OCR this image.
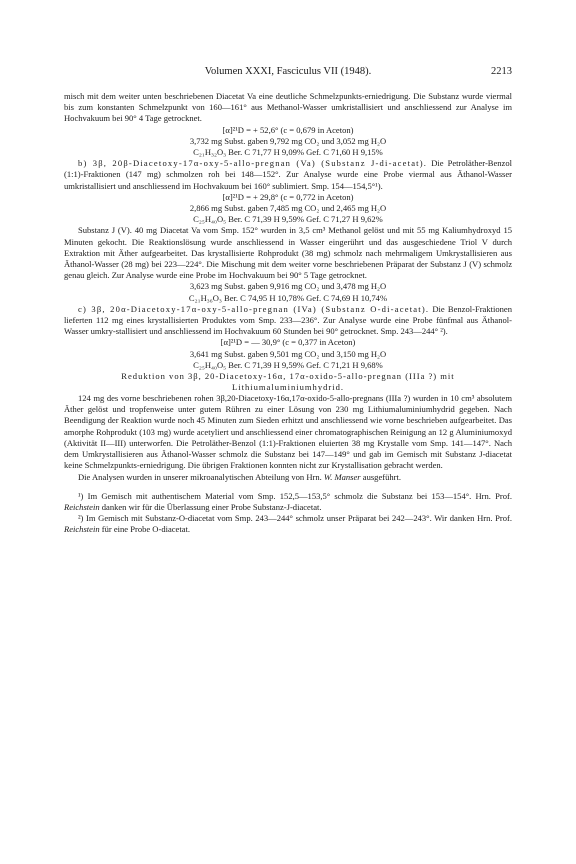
Volumen XXXI, Fasciculus VII (1948).	2213

misch mit dem weiter unten beschriebenen Diacetat Va eine deutliche Schmelzpunkts-erniedrigung. Die Substanz wurde viermal bis zum konstanten Schmelzpunkt von 160—161° aus Methanol-Wasser umkristallisiert und anschliessend zur Analyse im Hochvakuum bei 90° 4 Tage getrocknet.

[α]²¹D = + 52,6° (c = 0,679 in Aceton)

3,732 mg Subst. gaben 9,792 mg CO₂ und 3,052 mg H₂O

C₂₁H₃₂O₃ Ber. C 71,77 H 9,09% Gef. C 71,60 H 9,15%

b) 3β, 20β-Diacetoxy-17α-oxy-5-allo-pregnan (Va) (Substanz J-di-acetat). Die Petroläther-Benzol (1:1)-Fraktionen (147 mg) schmolzen roh bei 148—152°. Zur Analyse wurde eine Probe viermal aus Äthanol-Wasser umkristallisiert und anschliessend im Hochvakuum bei 160° sublimiert. Smp. 154—154,5°¹).

[α]²¹D = + 29,8° (c = 0,772 in Aceton)

2,866 mg Subst. gaben 7,485 mg CO₂ und 2,465 mg H₂O

C₂₅H₄₀O₅ Ber. C 71,39 H 9,59% Gef. C 71,27 H 9,62%

Substanz J (V). 40 mg Diacetat Va vom Smp. 152° wurden in 3,5 cm³ Methanol gelöst und mit 55 mg Kaliumhydroxyd 15 Minuten gekocht. Die Reaktionslösung wurde anschliessend in Wasser eingerührt und das ausgeschiedene Triol V durch Extraktion mit Äther aufgearbeitet. Das krystallisierte Rohprodukt (38 mg) schmolz nach mehrmaligem Umkrystallisieren aus Äthanol-Wasser (28 mg) bei 223—224°. Die Mischung mit dem weiter vorne beschriebenen Präparat der Substanz J (V) schmolz genau gleich. Zur Analyse wurde eine Probe im Hochvakuum bei 90° 5 Tage getrocknet.

3,623 mg Subst. gaben 9,916 mg CO₂ und 3,478 mg H₂O

C₂₁H₃₆O₃ Ber. C 74,95 H 10,78% Gef. C 74,69 H 10,74%

c) 3β, 20α-Diacetoxy-17α-oxy-5-allo-pregnan (IVa) (Substanz O-di-acetat). Die Benzol-Fraktionen lieferten 112 mg eines krystallisierten Produktes vom Smp. 233—236°. Zur Analyse wurde eine Probe fünfmal aus Äthanol-Wasser umkry-stallisiert und anschliessend im Hochvakuum 60 Stunden bei 90° getrocknet. Smp. 243—244° ²).

[α]²¹D = — 30,9° (c = 0,377 in Aceton)

3,641 mg Subst. gaben 9,501 mg CO₂ und 3,150 mg H₂O

C₂₅H₄₀O₅ Ber. C 71,39 H 9,59% Gef. C 71,21 H 9,68%

Reduktion von 3β, 20-Diacetoxy-16α, 17α-oxido-5-allo-pregnan (IIIa ?) mit Lithiumaluminiumhydrid.

124 mg des vorne beschriebenen rohen 3β,20-Diacetoxy-16α,17α-oxido-5-allo-pregnans (IIIa ?) wurden in 10 cm³ absolutem Äther gelöst und tropfenweise unter gutem Rühren zu einer Lösung von 230 mg Lithiumaluminiumhydrid gegeben. Nach Beendigung der Reaktion wurde noch 45 Minuten zum Sieden erhitzt und anschliessend wie vorne beschrieben aufgearbeitet. Das amorphe Rohprodukt (103 mg) wurde acetyliert und anschliessend einer chromatographischen Reinigung an 12 g Aluminiumoxyd (Aktivität II—III) unterworfen. Die Petroläther-Benzol (1:1)-Fraktionen eluierten 38 mg Krystalle vom Smp. 141—147°. Nach dem Umkrystallisieren aus Äthanol-Wasser schmolz die Substanz bei 147—149° und gab im Gemisch mit Substanz J-diacetat keine Schmelzpunkts-erniedrigung. Die übrigen Fraktionen konnten nicht zur Krystallisation gebracht werden.

Die Analysen wurden in unserer mikroanalytischen Abteilung von Hrn. W. Manser ausgeführt.

¹) Im Gemisch mit authentischem Material vom Smp. 152,5—153,5° schmolz die Substanz bei 153—154°. Hrn. Prof. Reichstein danken wir für die Überlassung einer Probe Substanz-J-diacetat.

²) Im Gemisch mit Substanz-O-diacetat vom Smp. 243—244° schmolz unser Präparat bei 242—243°. Wir danken Hrn. Prof. Reichstein für eine Probe O-diacetat.
